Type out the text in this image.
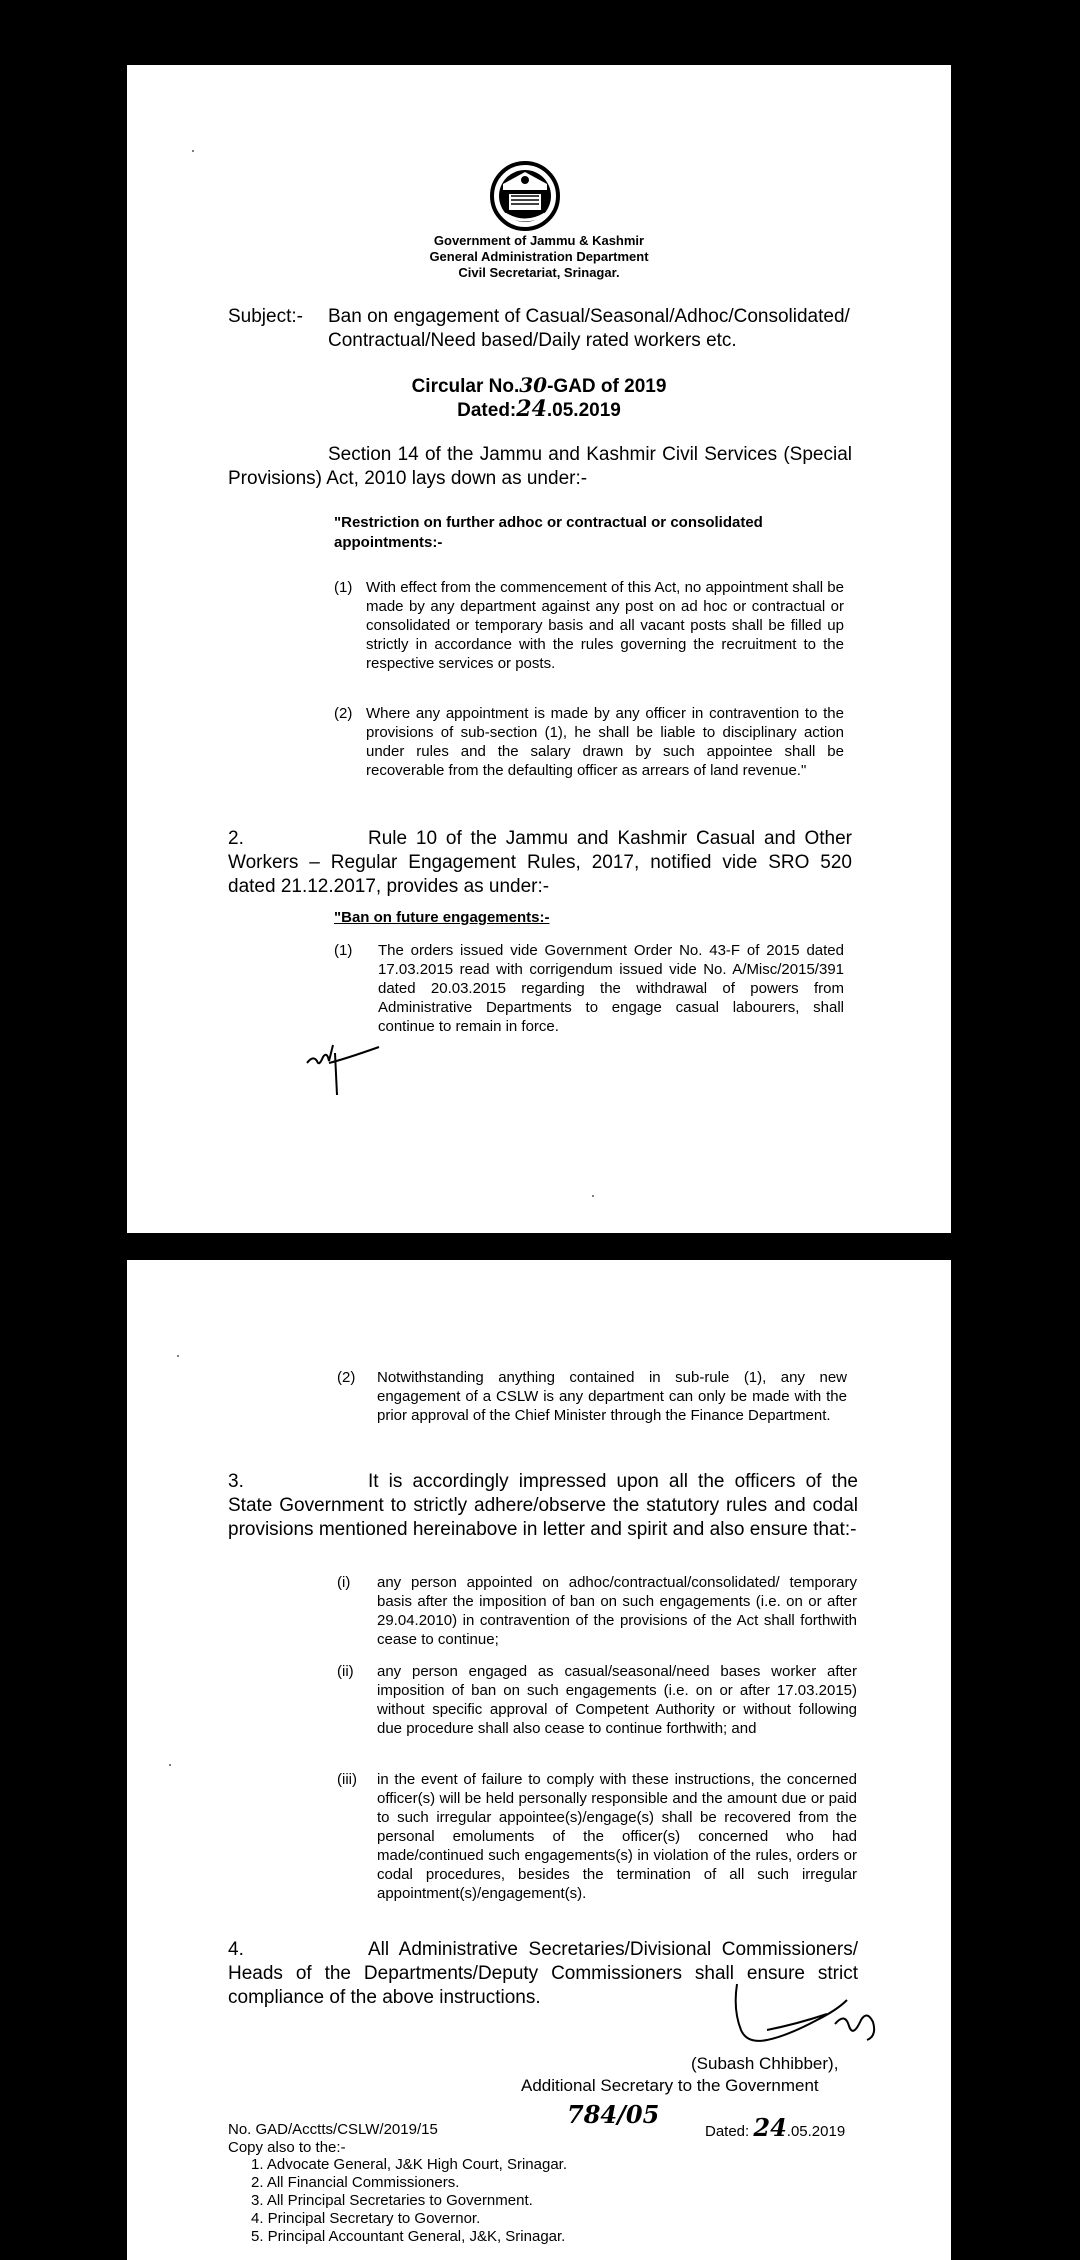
Government of Jammu & Kashmir
General Administration Department
Civil Secretariat, Srinagar.
Subject:- Ban on engagement of Casual/Seasonal/Adhoc/Consolidated/
Contractual/Need based/Daily rated workers etc.
Circular No.30-GAD of 2019
Dated:24.05.2019
Section 14 of the Jammu and Kashmir Civil Services (Special Provisions) Act, 2010 lays down as under:-
"Restriction on further adhoc or contractual or consolidated appointments:-
(1) With effect from the commencement of this Act, no appointment shall be made by any department against any post on ad hoc or contractual or consolidated or temporary basis and all vacant posts shall be filled up strictly in accordance with the rules governing the recruitment to the respective services or posts.
(2) Where any appointment is made by any officer in contravention to the provisions of sub-section (1), he shall be liable to disciplinary action under rules and the salary drawn by such appointee shall be recoverable from the defaulting officer as arrears of land revenue."
2.	Rule 10 of the Jammu and Kashmir Casual and Other Workers – Regular Engagement Rules, 2017, notified vide SRO 520 dated 21.12.2017, provides as under:-
"Ban on future engagements:-
(1) The orders issued vide Government Order No. 43-F of 2015 dated 17.03.2015 read with corrigendum issued vide No. A/Misc/2015/391 dated 20.03.2015 regarding the withdrawal of powers from Administrative Departments to engage casual labourers, shall continue to remain in force.
(2) Notwithstanding anything contained in sub-rule (1), any new engagement of a CSLW is any department can only be made with the prior approval of the Chief Minister through the Finance Department.
3.	It is accordingly impressed upon all the officers of the State Government to strictly adhere/observe the statutory rules and codal provisions mentioned hereinabove in letter and spirit and also ensure that:-
(i) any person appointed on adhoc/contractual/consolidated/ temporary basis after the imposition of ban on such engagements (i.e. on or after 29.04.2010) in contravention of the provisions of the Act shall forthwith cease to continue;
(ii) any person engaged as casual/seasonal/need bases worker after imposition of ban on such engagements (i.e. on or after 17.03.2015) without specific approval of Competent Authority or without following due procedure shall also cease to continue forthwith; and
(iii) in the event of failure to comply with these instructions, the concerned officer(s) will be held personally responsible and the amount due or paid to such irregular appointee(s)/engage(s) shall be recovered from the personal emoluments of the officer(s) concerned who had made/continued such engagements(s) in violation of the rules, orders or codal procedures, besides the termination of all such irregular appointment(s)/engagement(s).
4.	All Administrative Secretaries/Divisional Commissioners/ Heads of the Departments/Deputy Commissioners shall ensure strict compliance of the above instructions.
(Subash Chhibber),
Additional Secretary to the Government
No. GAD/Acctts/CSLW/2019/15
784/05
Dated: 24.05.2019
Copy also to the:-
1. Advocate General, J&K High Court, Srinagar.
2. All Financial Commissioners.
3. All Principal Secretaries to Government.
4. Principal Secretary to Governor.
5. Principal Accountant General, J&K, Srinagar.
